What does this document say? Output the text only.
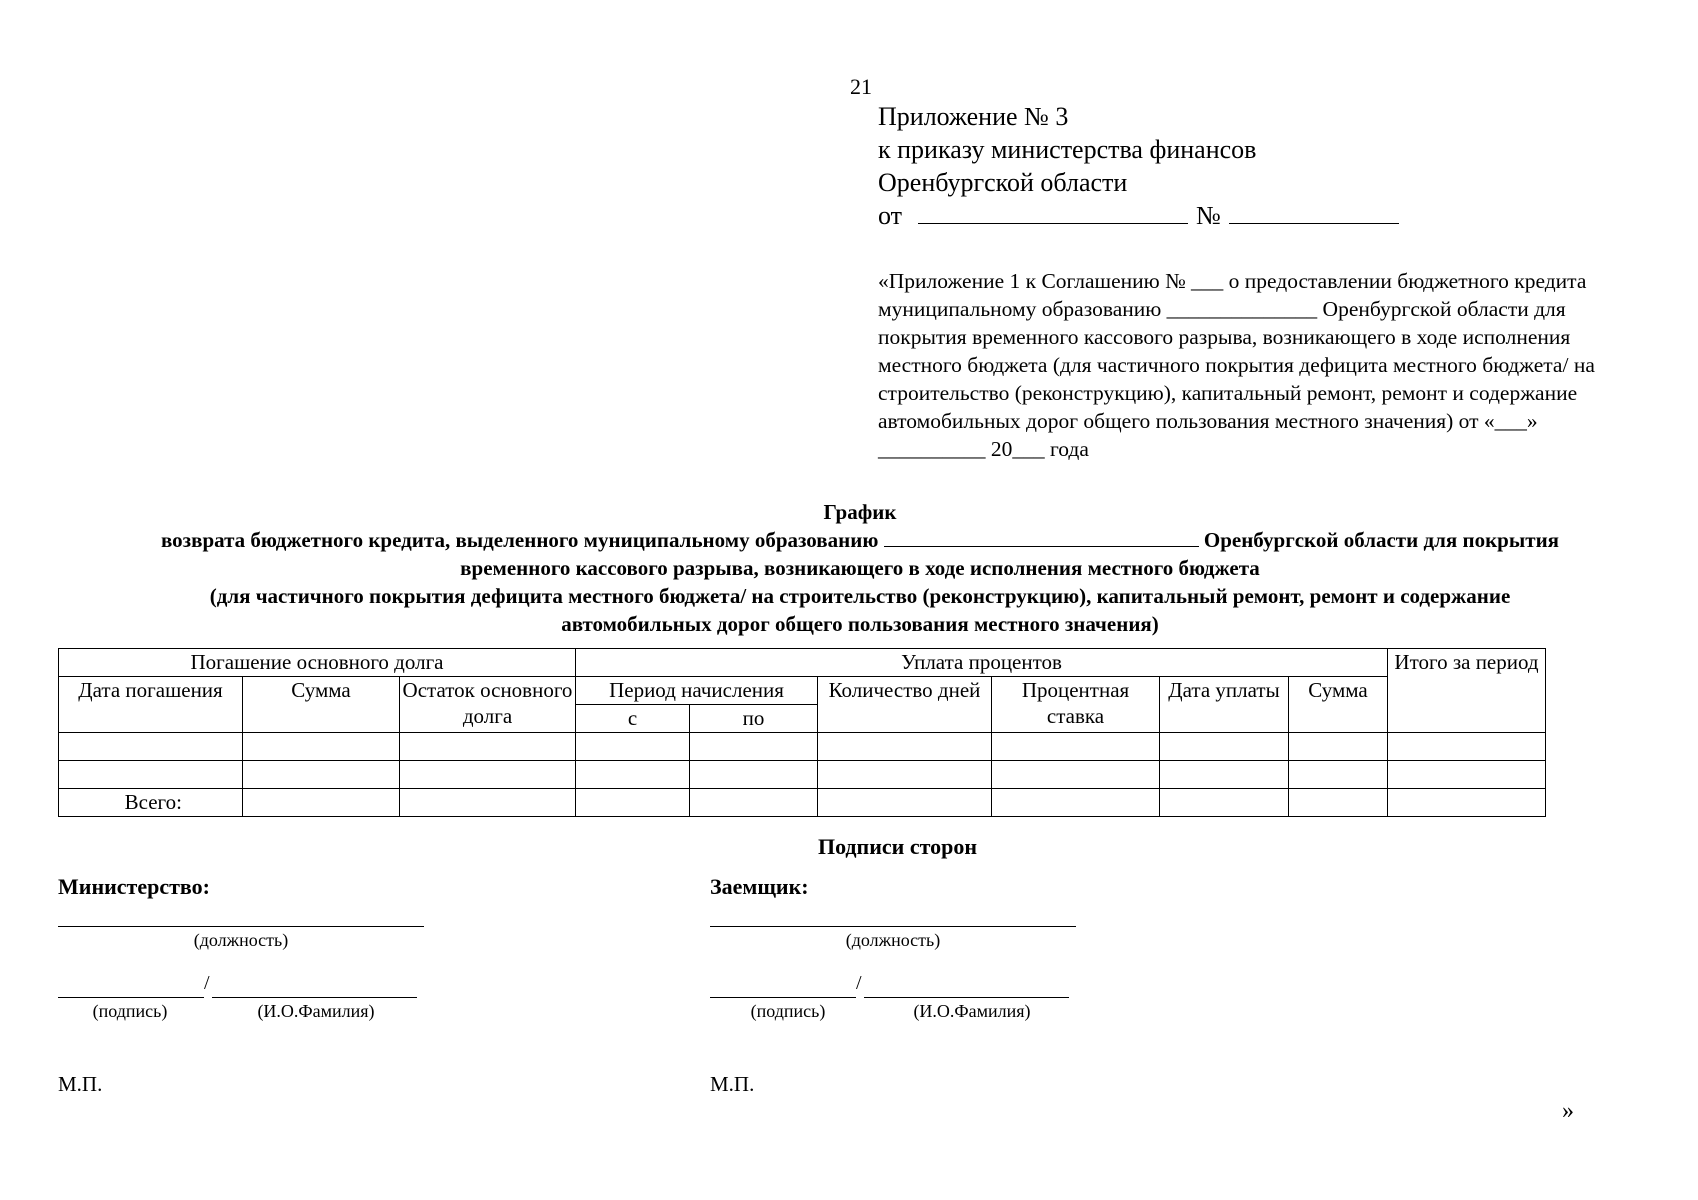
21
Приложение № 3
к приказу министерства финансов
Оренбургской области
от	№
«Приложение 1 к Соглашению № ___ о предоставлении бюджетного кредита муниципальному образованию ______________ Оренбургской области для покрытия временного кассового разрыва, возникающего в ходе исполнения местного бюджета (для частичного покрытия дефицита местного бюджета/ на строительство (реконструкцию), капитальный ремонт, ремонт и содержание автомобильных дорог общего пользования местного значения) от «___» __________ 20___ года
График
возврата бюджетного кредита, выделенного муниципальному образованию	Оренбургской области для покрытия
временного кассового разрыва, возникающего в ходе исполнения местного бюджета
(для частичного покрытия дефицита местного бюджета/ на строительство (реконструкцию), капитальный ремонт, ремонт и содержание
автомобильных дорог общего пользования местного значения)
Погашение основного долга			Уплата процентов						Итого за период
Дата погашения	Сумма	Остаток основного долга	Период начисления		Количество дней	Процентная ставка	Дата уплаты	Сумма	
			с	по					

Всего:									
Подписи сторон
Министерство:
(должность)
/
(подпись)	(И.О.Фамилия)
М.П.
Заемщик:
(должность)
/
(подпись)	(И.О.Фамилия)
М.П.
»
